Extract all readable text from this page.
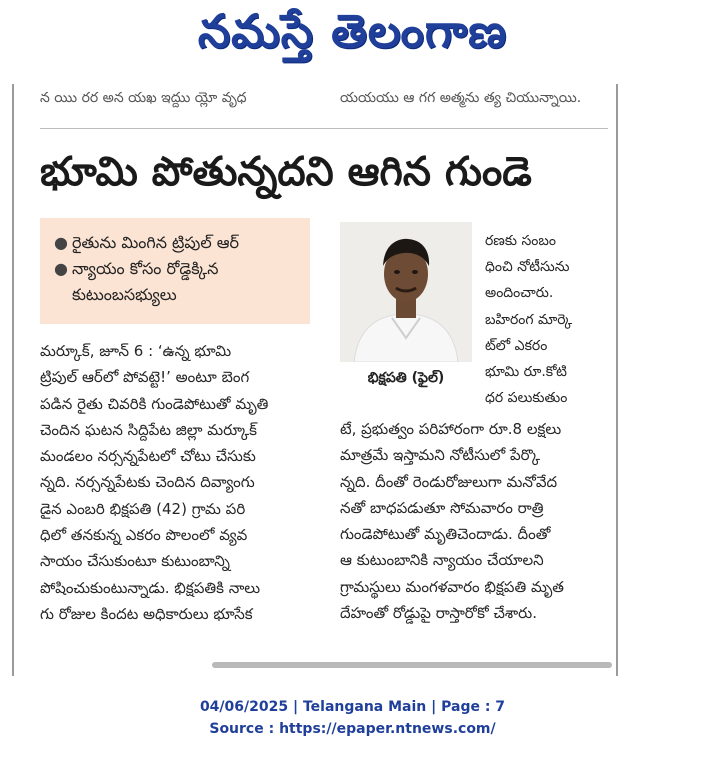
నమస్తే తెలంగాణ
న యిు రర అన యఖ ఇద్దుు య్లో వృధ	యయయు ఆ గగ అత్మను త్య చియున్నాయి.
భూమి పోతున్నదని ఆగిన గుండె
● రైతును మింగిన ట్రిపుల్ ఆర్
● న్యాయం కోసం రోడ్డెక్కిన
కుటుంబసభ్యులు
భిక్షపతి (ఫైల్)
మర్కూక్, జూన్ 6 : ‘ఉన్న భూమి
ట్రిపుల్ ఆర్‌లో పోవట్టె!’ అంటూ బెంగ
పడిన రైతు చివరికి గుండెపోటుతో మృతి
చెందిన ఘటన సిద్దిపేట జిల్లా మర్కూక్
మండలం నర్సన్నపేటలో చోటు చేసుకు
న్నది. నర్సన్నపేటకు చెందిన దివ్యాంగు
డైన ఎంబరి భిక్షపతి (42) గ్రామ పరి
ధిలో తనకున్న ఎకరం పొలంలో వ్యవ
సాయం చేసుకుంటూ కుటుంబాన్ని
పోషించుకుంటున్నాడు. భిక్షపతికి నాలు
గు రోజుల కిందట అధికారులు భూసేక
రణకు సంబం
ధించి నోటీసును
అందించారు.
బహిరంగ మార్కె
ట్‌లో ఎకరం
భూమి రూ.కోటి
ధర పలుకుతుం
టే, ప్రభుత్వం పరిహారంగా రూ.8 లక్షలు
మాత్రమే ఇస్తామని నోటీసులో పేర్కొ
న్నది. దీంతో రెండురోజులుగా మనోవేద
నతో బాధపడుతూ సోమవారం రాత్రి
గుండెపోటుతో మృతిచెందాడు. దీంతో
ఆ కుటుంబానికి న్యాయం చేయాలని
గ్రామస్థులు మంగళవారం భిక్షపతి మృత
దేహంతో రోడ్డుపై రాస్తారోకో చేశారు.
04/06/2025 | Telangana Main | Page : 7
Source : https://epaper.ntnews.com/
